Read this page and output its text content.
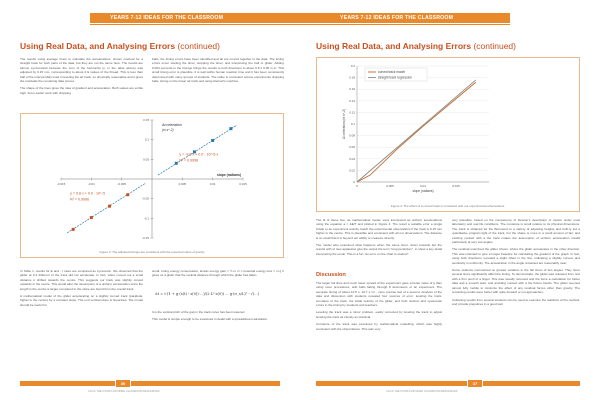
YEARS 7-12 IDEAS FOR THE CLASSROOM
Using Real Data, and Analysing Errors (continued)

The results using average times to calculate the accelerations, shown overleaf for a straight track for both parts of the data, but they are not the same here. The results are almost symmetrical because the zero of the horizontal (x, in the table above) was adjusted by 0.15 mm, corresponding to about 2 E values of the thread. This is less than half of the interval (ΔE) used in leveling the air track, so physically reasonable and it gives the residuals the remaining data proves.

The shape of the lines gives the idea of gradient and acceleration. Both values are a little high. From earlier work with dropping

balls, the timing errors have been identified and all are moved together in the data. The timing errors occur starting the timer, stopping the timer, and interpreting the ball or glider. Adding 0.004 seconds to the timings brings the results to both directions to about 9.8 ± 0.05 m s². This small timing error is plausible. It is well within human reaction time and it has been consistently determined with many groups of students. The value is consistent across experiments dropping balls, timing on the linear air track and using Atwood's machine.

-0.015	-0.01	-0.005	0.005	0.01	0.015
0.15
0.1
0.05
-0.05
-0.1
-0.15
Acceleration
(m s^-2)
y = -9.8 x + 0.0 · 10^-5·x
R² = 0.9996
y = 9.8 x + 0.0 · 10^-5
R² = 0.9996
slope (radians)
Figure 3: The adjusted timings are consistent with the expected value of gravity

In Table 1, results for E and - f rates are compared as symmetric. We observed that the glider at 0.4 different of the track did not accelerate. In fact, when moved out a small distance it shifted towards the centre. This suggests our track was slightly curved upwards in the centre. This would alter the assumption of a uniform acceleration since the length in the centre is larger compared to the slope are found from the overall track.

A mathematical model of the glider accelerating on a slightly curved track (parabola, higher in the centre) by a constant slope. The end vertical slope is linearized. The model should be useful for

small. Using energy conservation, kinetic energy gain = ½ m v² = potential energy loss = m g h gives us a glider that the vertical distance through which the glider has fallen.

Δt = t·(1 + g·(s(t) - s(0))·...)/(2·L²·s(0)) ... g·(σ_s/L)² - √(...)

It is the vertical pitch of the gap in the track curve has been lowered.

This model is simple enough to be examined in detail with a spreadsheet calculation.

36
CLICK THE ICONS FOR MORE CLASSROOM RESOURCES
YEARS 7-12 IDEAS FOR THE CLASSROOM
Using Real Data, and Analysing Errors (continued)
0
0.02
0.04
0.06
0.08
0.1
0.12
0.14
0.16
0.18
0.2
0	0.005	0.01	0.015
curved track model
straight track regression
slope (radians)
Acceleration (m s^-2)
Figure 4: The effect of a curved track is consistent with our experimental observations.

The fit of these two, as mathematical model, were interpreted as uniform accelerations using the equation a = ΔE/T and plotted in Figure 4. The result a suitable error a single bristle to an experiment exactly match the experimental observations if the track is 0.15 mm higher in the centre. This is plausible and consistent with all our observations. The distance is so small that it is beyond our ability to measure directly.

The model also examined what happens when the same timer, down towards but the results with of new apparatus give the output the term "long pendulum", to show a key detail interpreting the result. This is a fun "an error on the chart is student".

Discussion

The larger full lines and much lower spread of the experiment gave a better value of g than using more procedures, with balls falling through 8 decimeters or an experiment. The accurate timing of about 10.5 s, 10.7 s m² , more precise last of a second. Analysis of the data and discussion with students revealed four sources of error: leveling the track, curvature of the track, the initial velocity of the glider, and both random and systematic errors in the timing by students and teachers.

Leveling the track was a minor problem, easily corrected by leveling the track to adjust leveling the track as closely as practical.

Curvature of the track was examined by mathematical modelling, which was highly consistent with the observations. This was very

very plausible, based on the competency of Newton's description of motion under most laboratory and real life conditions. The curvature is small relative to its physical dimensions. The track is obtained for the Borrowed to a variety of adjusting heights and built-ly led a quantitative program light of the track, but the shape is more in a small amount of fair, and existing contact with a the track makes the assumption of uniform acceleration invalid particularly at very low angles.

The residual examined the glider shows, where the glider accelerates in the other direction. This was intended to give a longer baseline for calculating the gradient of the graph. In fact, using both directions revealed a slight offset in the line, indicating a slightly curved, and sensitivity in uniformity. The acceleration in the angle remained are reasonably near.

Some students commented on greater variation in the fall times of two angles. They timer several times significantly affect the timing. To demonstrate, the glider was released from rest with a firm push of a finger. This was usually removed and the force a calculation for better data and a smooth start, and avoiding contact with a the fixture hands. The glider seemed almost fully mobile to minimize the effect of any residual forces other than gravity. The remaining results were better with quite forward or not approaches.

Collecting results from several students can be used to examine the statistics of the method, and provide prejudices in a good part

37
CLICK THE ICONS FOR MORE CLASSROOM RESOURCES
